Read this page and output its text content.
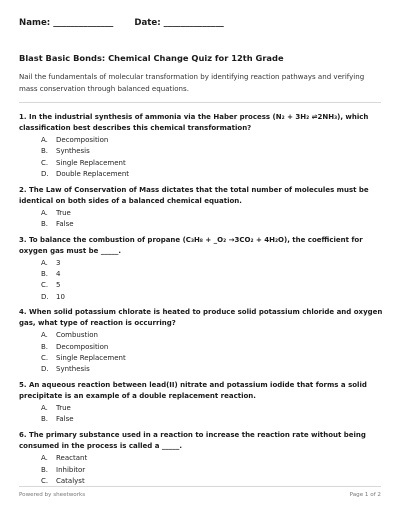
Name: ______________ Date: ______________
Blast Basic Bonds: Chemical Change Quiz for 12th Grade
Nail the fundamentals of molecular transformation by identifying reaction pathways and verifying mass conservation through balanced equations.
1. In the industrial synthesis of ammonia via the Haber process (N₂ + 3H₂ ⇌2NH₃), which classification best describes this chemical transformation?
A.	Decomposition
B.	Synthesis
C.	Single Replacement
D.	Double Replacement
2. The Law of Conservation of Mass dictates that the total number of molecules must be identical on both sides of a balanced chemical equation.
A.	True
B.	False
3. To balance the combustion of propane (C₃H₈ + _O₂ →3CO₂ + 4H₂O), the coefficient for oxygen gas must be _____.
A.	3
B.	4
C.	5
D.	10
4. When solid potassium chlorate is heated to produce solid potassium chloride and oxygen gas, what type of reaction is occurring?
A.	Combustion
B.	Decomposition
C.	Single Replacement
D.	Synthesis
5. An aqueous reaction between lead(II) nitrate and potassium iodide that forms a solid precipitate is an example of a double replacement reaction.
A.	True
B.	False
6. The primary substance used in a reaction to increase the reaction rate without being consumed in the process is called a _____.
A.	Reactant
B.	Inhibitor
C.	Catalyst
Powered by sheetworks	Page 1 of 2
